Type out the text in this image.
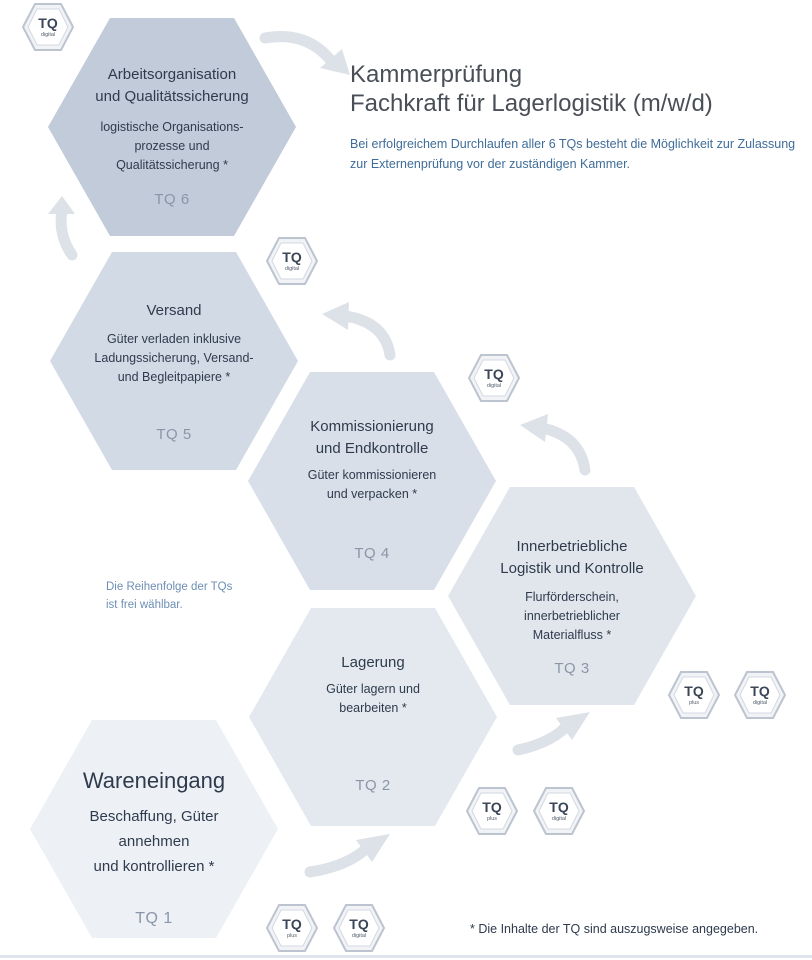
Kammerprüfung
Fachkraft für Lagerlogistik (m/w/d)

Bei erfolgreichem Durchlaufen aller 6 TQs besteht die Möglichkeit zur Zulassung zur Externenprüfung vor der zuständigen Kammer.

Die Reihenfolge der TQs
ist frei wählbar.

Arbeitsorganisation

und Qualitätssicherung

logistische Organisations-

prozesse und

Qualitätssicherung *

TQ 6

Versand

Güter verladen inklusive

Ladungssicherung, Versand-

und Begleitpapiere *

TQ 5	Kommissionierung

und Endkontrolle

Güter kommissionieren

und verpacken *

TQ 4	Innerbetriebliche

Logistik und Kontrolle

Flurförderschein,

innerbetrieblicher

Materialfluss *

TQ 3

Lagerung

Güter lagern und

bearbeiten *

TQ 2

Wareneingang

Beschaffung, Güter

annehmen

und kontrollieren *

TQ 1
TQ
digital
TQ
digital
TQ
digital
TQ
plus
TQ
digital
TQ
plus
TQ
digital
TQ
plus
TQ
digital	* Die Inhalte der TQ sind auszugsweise angegeben.
